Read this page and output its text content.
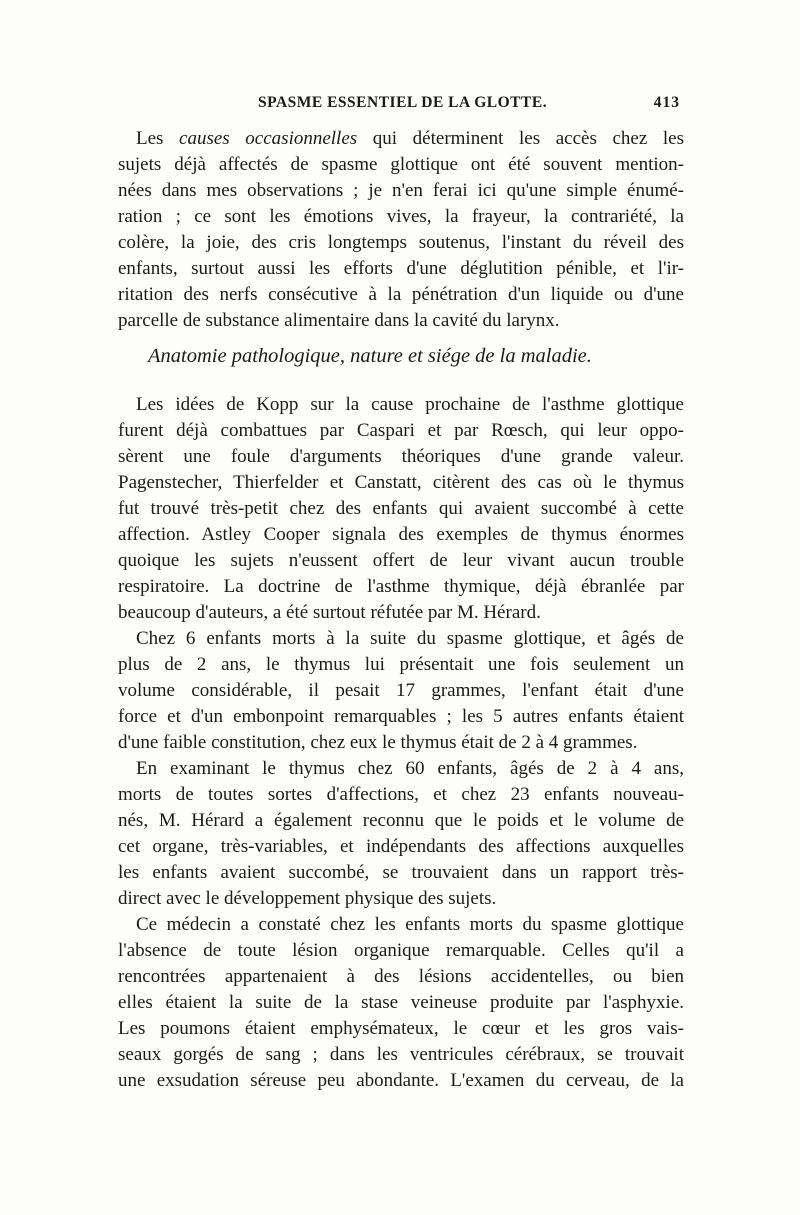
SPASME ESSENTIEL DE LA GLOTTE.	413
Les causes occasionnelles qui déterminent les accès chez les
sujets déjà affectés de spasme glottique ont été souvent mention-
nées dans mes observations ; je n'en ferai ici qu'une simple énumé-
ration ; ce sont les émotions vives, la frayeur, la contrariété, la
colère, la joie, des cris longtemps soutenus, l'instant du réveil des
enfants, surtout aussi les efforts d'une déglutition pénible, et l'ir-
ritation des nerfs consécutive à la pénétration d'un liquide ou d'une
parcelle de substance alimentaire dans la cavité du larynx.
Anatomie pathologique, nature et siége de la maladie.
Les idées de Kopp sur la cause prochaine de l'asthme glottique
furent déjà combattues par Caspari et par Rœsch, qui leur oppo-
sèrent une foule d'arguments théoriques d'une grande valeur.
Pagenstecher, Thierfelder et Canstatt, citèrent des cas où le thymus
fut trouvé très-petit chez des enfants qui avaient succombé à cette
affection. Astley Cooper signala des exemples de thymus énormes
quoique les sujets n'eussent offert de leur vivant aucun trouble
respiratoire. La doctrine de l'asthme thymique, déjà ébranlée par
beaucoup d'auteurs, a été surtout réfutée par M. Hérard.
Chez 6 enfants morts à la suite du spasme glottique, et âgés de
plus de 2 ans, le thymus lui présentait une fois seulement un
volume considérable, il pesait 17 grammes, l'enfant était d'une
force et d'un embonpoint remarquables ; les 5 autres enfants étaient
d'une faible constitution, chez eux le thymus était de 2 à 4 grammes.
En examinant le thymus chez 60 enfants, âgés de 2 à 4 ans,
morts de toutes sortes d'affections, et chez 23 enfants nouveau-
nés, M. Hérard a également reconnu que le poids et le volume de
cet organe, très-variables, et indépendants des affections auxquelles
les enfants avaient succombé, se trouvaient dans un rapport très-
direct avec le développement physique des sujets.
Ce médecin a constaté chez les enfants morts du spasme glottique
l'absence de toute lésion organique remarquable. Celles qu'il a
rencontrées appartenaient à des lésions accidentelles, ou bien
elles étaient la suite de la stase veineuse produite par l'asphyxie.
Les poumons étaient emphysémateux, le cœur et les gros vais-
seaux gorgés de sang ; dans les ventricules cérébraux, se trouvait
une exsudation séreuse peu abondante. L'examen du cerveau, de la
